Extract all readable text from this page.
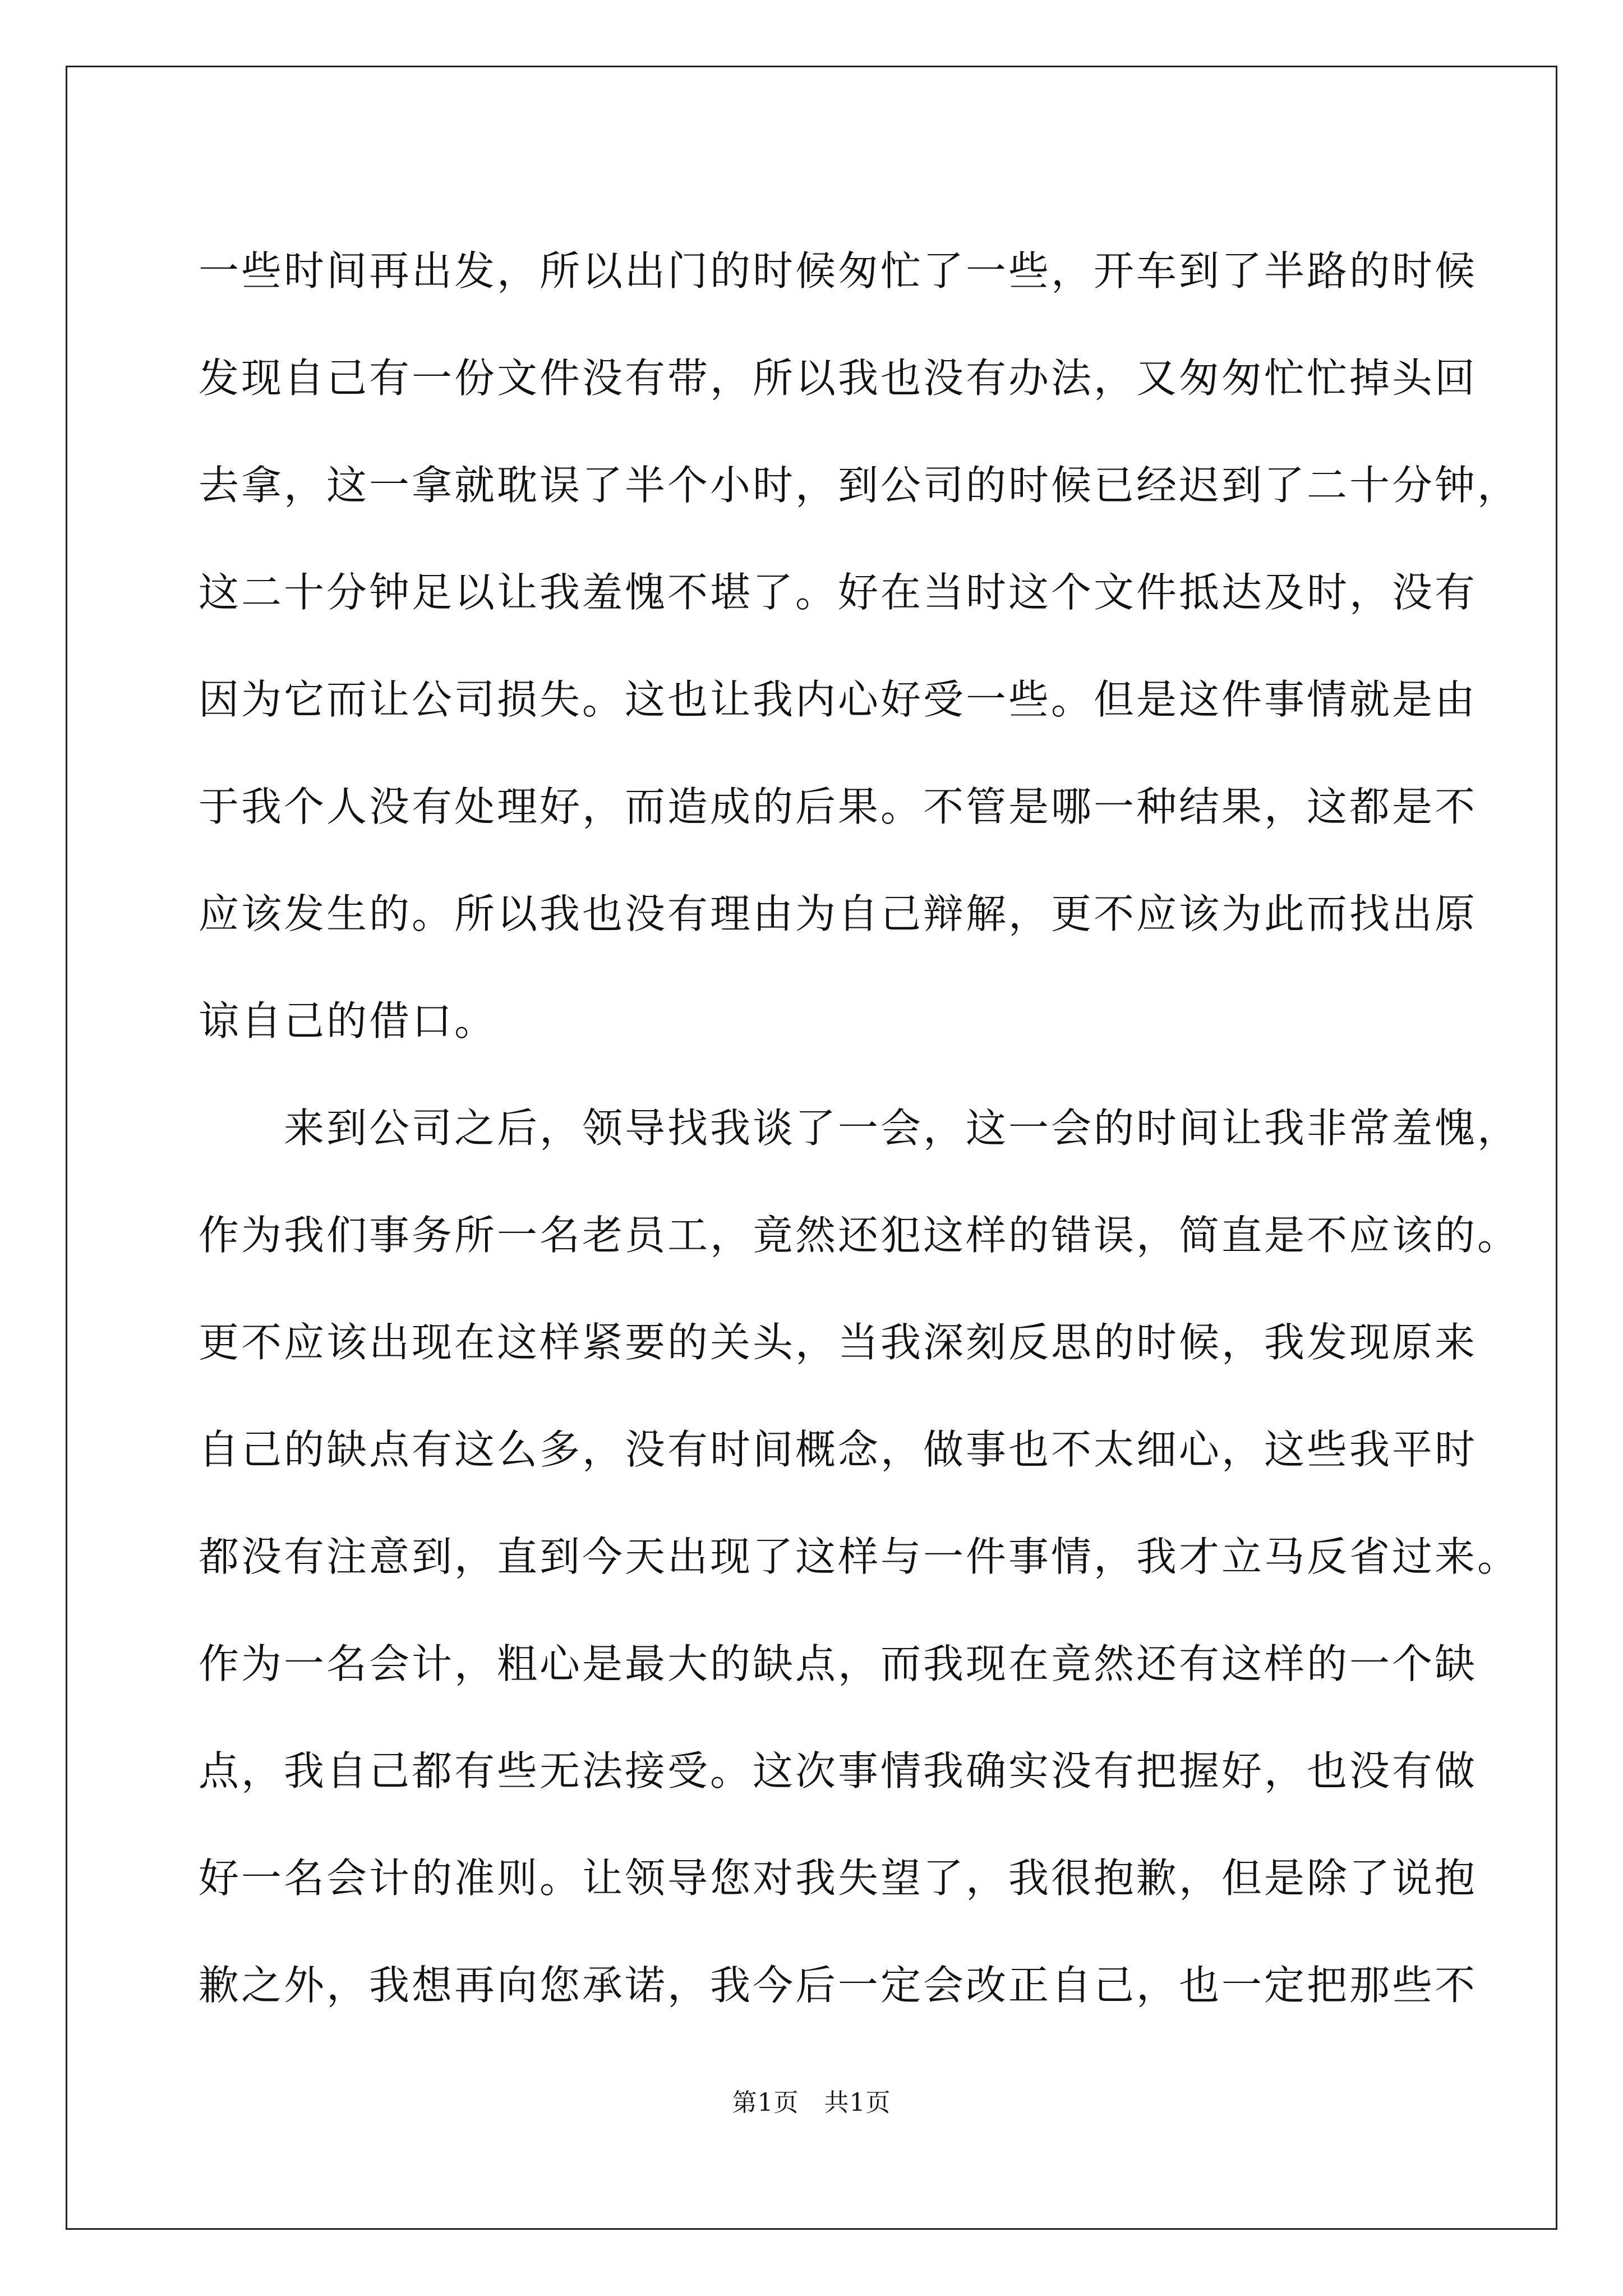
一些时间再出发，所以出门的时候匆忙了一些，开车到了半路的时候
发现自己有一份文件没有带，所以我也没有办法，又匆匆忙忙掉头回
去拿，这一拿就耽误了半个小时，到公司的时候已经迟到了二十分钟，
这二十分钟足以让我羞愧不堪了。好在当时这个文件抵达及时，没有
因为它而让公司损失。这也让我内心好受一些。但是这件事情就是由
于我个人没有处理好，而造成的后果。不管是哪一种结果，这都是不
应该发生的。所以我也没有理由为自己辩解，更不应该为此而找出原
谅自己的借口。
　　来到公司之后，领导找我谈了一会，这一会的时间让我非常羞愧，
作为我们事务所一名老员工，竟然还犯这样的错误，简直是不应该的。
更不应该出现在这样紧要的关头，当我深刻反思的时候，我发现原来
自己的缺点有这么多，没有时间概念，做事也不太细心，这些我平时
都没有注意到，直到今天出现了这样与一件事情，我才立马反省过来。
作为一名会计，粗心是最大的缺点，而我现在竟然还有这样的一个缺
点，我自己都有些无法接受。这次事情我确实没有把握好，也没有做
好一名会计的准则。让领导您对我失望了，我很抱歉，但是除了说抱
歉之外，我想再向您承诺，我今后一定会改正自己，也一定把那些不
第1页　共1页
